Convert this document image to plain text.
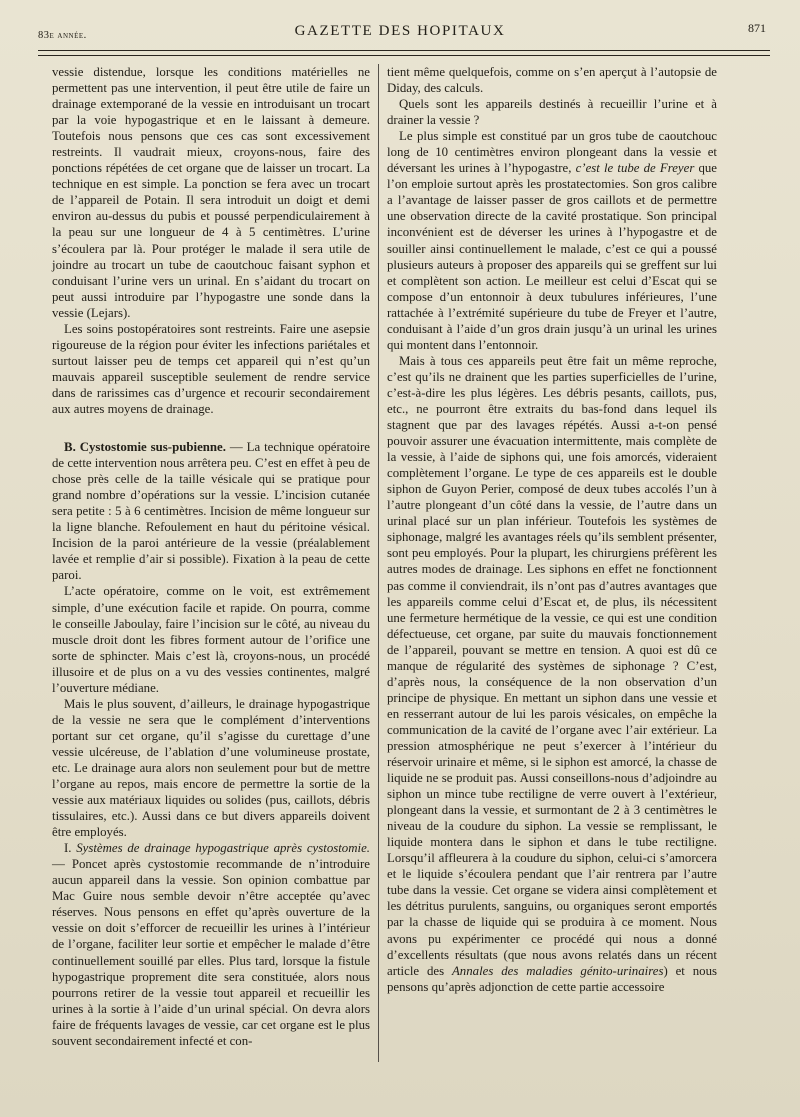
83e année.	GAZETTE DES HOPITAUX	871

vessie distendue, lorsque les conditions matérielles ne permettent pas une intervention, il peut être utile de faire un drainage extemporané de la vessie en introduisant un trocart par la voie hypogastrique et en le laissant à demeure. Toutefois nous pensons que ces cas sont excessivement restreints. Il vaudrait mieux, croyons-nous, faire des ponctions répétées de cet organe que de laisser un trocart. La technique en est simple. La ponction se fera avec un trocart de l’appareil de Potain. Il sera introduit un doigt et demi environ au-dessus du pubis et poussé perpendiculairement à la peau sur une longueur de 4 à 5 centimètres. L’urine s’écoulera par là. Pour protéger le malade il sera utile de joindre au trocart un tube de caoutchouc faisant syphon et conduisant l’urine vers un urinal. En s’aidant du trocart on peut aussi introduire par l’hypogastre une sonde dans la vessie (Lejars).

Les soins postopératoires sont restreints. Faire une asepsie rigoureuse de la région pour éviter les infections pariétales et surtout laisser peu de temps cet appareil qui n’est qu’un mauvais appareil susceptible seulement de rendre service dans de rarissimes cas d’urgence et recourir secondairement aux autres moyens de drainage.

B. Cystostomie sus-pubienne. — La technique opératoire de cette intervention nous arrêtera peu. C’est en effet à peu de chose près celle de la taille vésicale qui se pratique pour grand nombre d’opérations sur la vessie. L’incision cutanée sera petite : 5 à 6 centimètres. Incision de même longueur sur la ligne blanche. Refoulement en haut du péritoine vésical. Incision de la paroi antérieure de la vessie (préalablement lavée et remplie d’air si possible). Fixation à la peau de cette paroi.

L’acte opératoire, comme on le voit, est extrêmement simple, d’une exécution facile et rapide. On pourra, comme le conseille Jaboulay, faire l’incision sur le côté, au niveau du muscle droit dont les fibres forment autour de l’orifice une sorte de sphincter. Mais c’est là, croyons-nous, un procédé illusoire et de plus on a vu des vessies continentes, malgré l’ouverture médiane.

Mais le plus souvent, d’ailleurs, le drainage hypogastrique de la vessie ne sera que le complément d’interventions portant sur cet organe, qu’il s’agisse du curettage d’une vessie ulcéreuse, de l’ablation d’une volumineuse prostate, etc. Le drainage aura alors non seulement pour but de mettre l’organe au repos, mais encore de permettre la sortie de la vessie aux matériaux liquides ou solides (pus, caillots, débris tissulaires, etc.). Aussi dans ce but divers appareils doivent être employés.

I. Systèmes de drainage hypogastrique après cystostomie. — Poncet après cystostomie recommande de n’introduire aucun appareil dans la vessie. Son opinion combattue par Mac Guire nous semble devoir n’être acceptée qu’avec réserves. Nous pensons en effet qu’après ouverture de la vessie on doit s’efforcer de recueillir les urines à l’intérieur de l’organe, faciliter leur sortie et empêcher le malade d’être continuellement souillé par elles. Plus tard, lorsque la fistule hypogastrique proprement dite sera constituée, alors nous pourrons retirer de la vessie tout appareil et recueillir les urines à la sortie à l’aide d’un urinal spécial. On devra alors faire de fréquents lavages de vessie, car cet organe est le plus souvent secondairement infecté et con-

tient même quelquefois, comme on s’en aperçut à l’autopsie de Diday, des calculs.

Quels sont les appareils destinés à recueillir l’urine et à drainer la vessie ?

Le plus simple est constitué par un gros tube de caoutchouc long de 10 centimètres environ plongeant dans la vessie et déversant les urines à l’hypogastre, c’est le tube de Freyer que l’on emploie surtout après les prostatectomies. Son gros calibre a l’avantage de laisser passer de gros caillots et de permettre une observation directe de la cavité prostatique. Son principal inconvénient est de déverser les urines à l’hypogastre et de souiller ainsi continuellement le malade, c’est ce qui a poussé plusieurs auteurs à proposer des appareils qui se greffent sur lui et complètent son action. Le meilleur est celui d’Escat qui se compose d’un entonnoir à deux tubulures inférieures, l’une rattachée à l’extrémité supérieure du tube de Freyer et l’autre, conduisant à l’aide d’un gros drain jusqu’à un urinal les urines qui montent dans l’entonnoir.

Mais à tous ces appareils peut être fait un même reproche, c’est qu’ils ne drainent que les parties superficielles de l’urine, c’est-à-dire les plus légères. Les débris pesants, caillots, pus, etc., ne pourront être extraits du bas-fond dans lequel ils stagnent que par des lavages répétés. Aussi a-t-on pensé pouvoir assurer une évacuation intermittente, mais complète de la vessie, à l’aide de siphons qui, une fois amorcés, videraient complètement l’organe. Le type de ces appareils est le double siphon de Guyon Perier, composé de deux tubes accolés l’un à l’autre plongeant d’un côté dans la vessie, de l’autre dans un urinal placé sur un plan inférieur. Toutefois les systèmes de siphonage, malgré les avantages réels qu’ils semblent présenter, sont peu employés. Pour la plupart, les chirurgiens préfèrent les autres modes de drainage. Les siphons en effet ne fonctionnent pas comme il conviendrait, ils n’ont pas d’autres avantages que les appareils comme celui d’Escat et, de plus, ils nécessitent une fermeture hermétique de la vessie, ce qui est une condition défectueuse, cet organe, par suite du mauvais fonctionnement de l’appareil, pouvant se mettre en tension. A quoi est dû ce manque de régularité des systèmes de siphonage ? C’est, d’après nous, la conséquence de la non observation d’un principe de physique. En mettant un siphon dans une vessie et en resserrant autour de lui les parois vésicales, on empêche la communication de la cavité de l’organe avec l’air extérieur. La pression atmosphérique ne peut s’exercer à l’intérieur du réservoir urinaire et même, si le siphon est amorcé, la chasse de liquide ne se produit pas. Aussi conseillons-nous d’adjoindre au siphon un mince tube rectiligne de verre ouvert à l’extérieur, plongeant dans la vessie, et surmontant de 2 à 3 centimètres le niveau de la coudure du siphon. La vessie se remplissant, le liquide montera dans le siphon et dans le tube rectiligne. Lorsqu’il affleurera à la coudure du siphon, celui-ci s’amorcera et le liquide s’écoulera pendant que l’air rentrera par l’autre tube dans la vessie. Cet organe se videra ainsi complètement et les détritus purulents, sanguins, ou organiques seront emportés par la chasse de liquide qui se produira à ce moment. Nous avons pu expérimenter ce procédé qui nous a donné d’excellents résultats (que nous avons relatés dans un récent article des Annales des maladies génito-urinaires) et nous pensons qu’après adjonction de cette partie accessoire
